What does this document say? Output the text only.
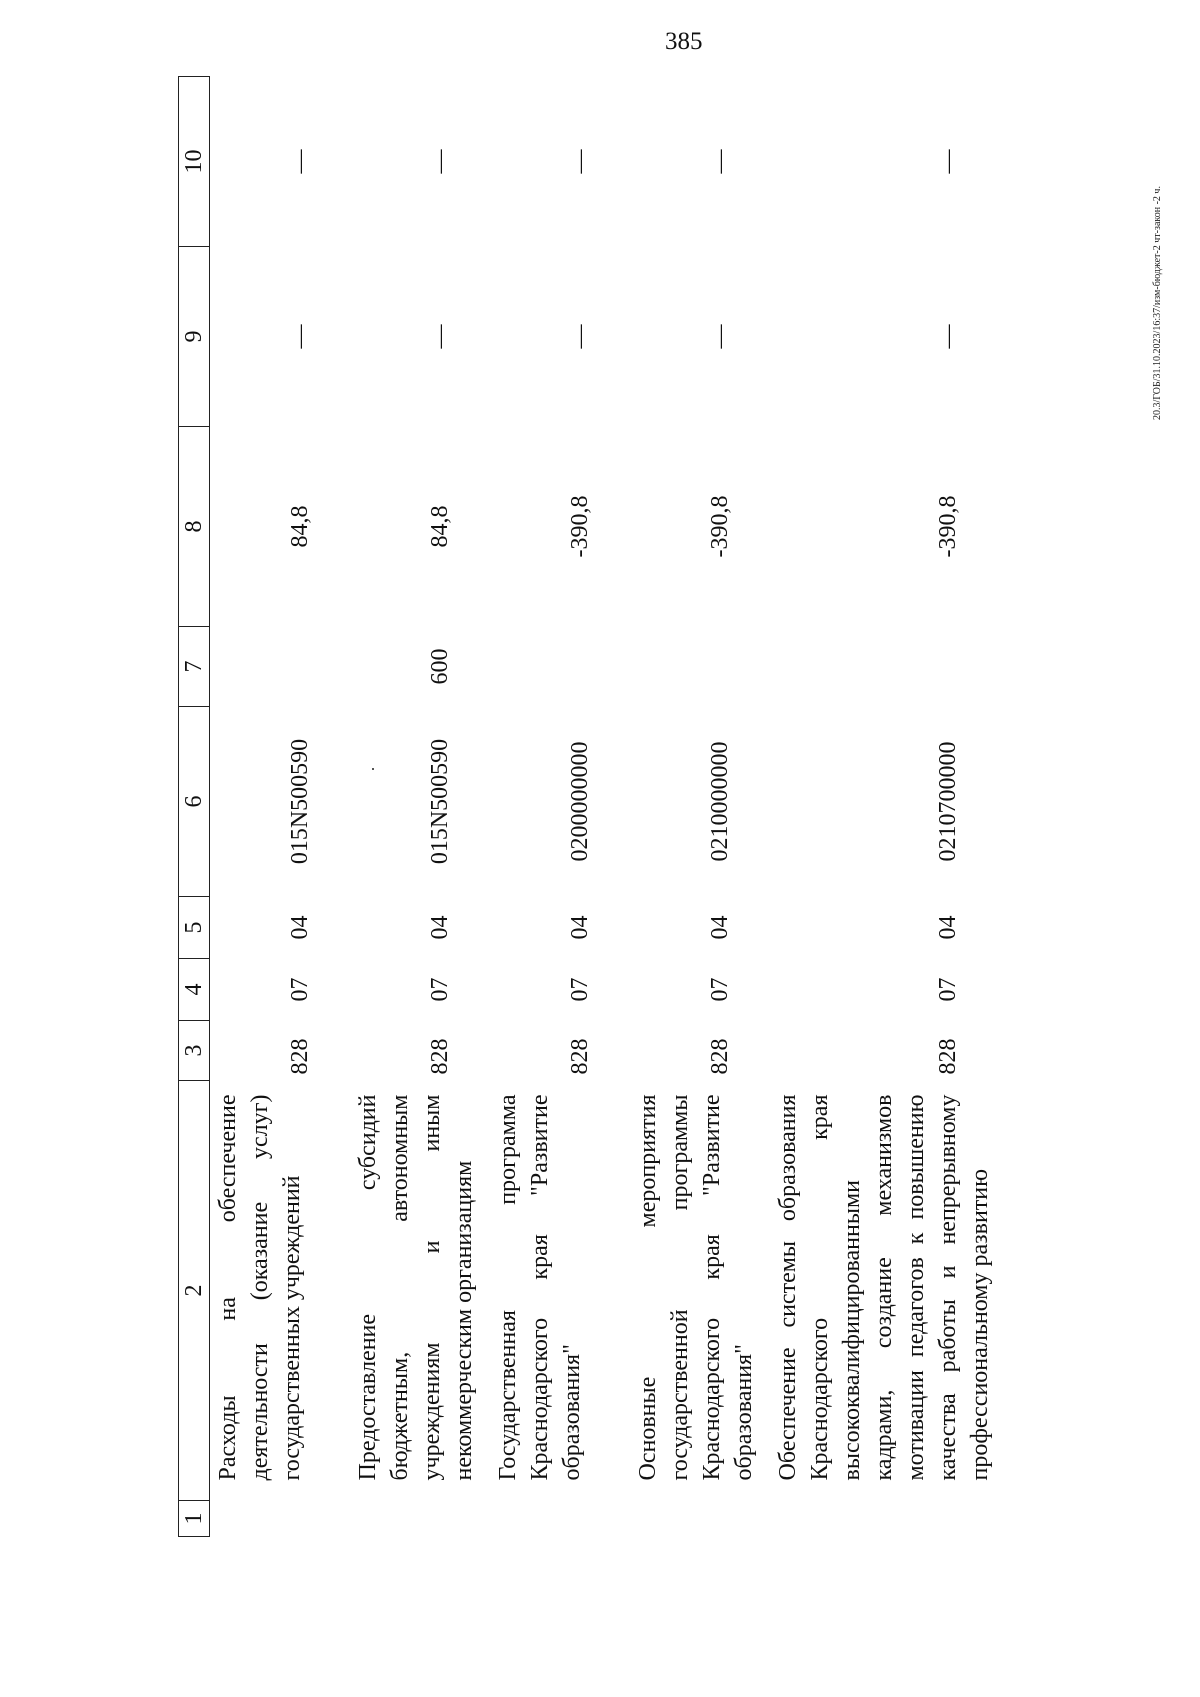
385
1	2	3	4	5	6	7	8	9	10
	Расходы на обеспечение деятельности (оказание услуг) государственных учреждений	828	07	04	015N500590		84,8	—	—

	Предоставление субсидий бюджетным, автономным учреждениям и иным некоммерческим организациям	828	07	04	015N500590	600	84,8	—	—

	Государственная программа Краснодарского края "Развитие образования"	828	07	04	0200000000		-390,8	—	—

	Основные мероприятия государственной программы Краснодарского края "Развитие образования"	828	07	04	0210000000		-390,8	—	—

	Обеспечение системы образования Краснодарского края высококвалифицированными кадрами, создание механизмов мотивации педагогов к повышению качества работы и непрерывному профессиональному развитию	828	07	04	0210700000		-390,8	—	—
20.3/ГОБ/31.10.2023/16:37/изм-бюджет-2 чт-закон -2 ч.
